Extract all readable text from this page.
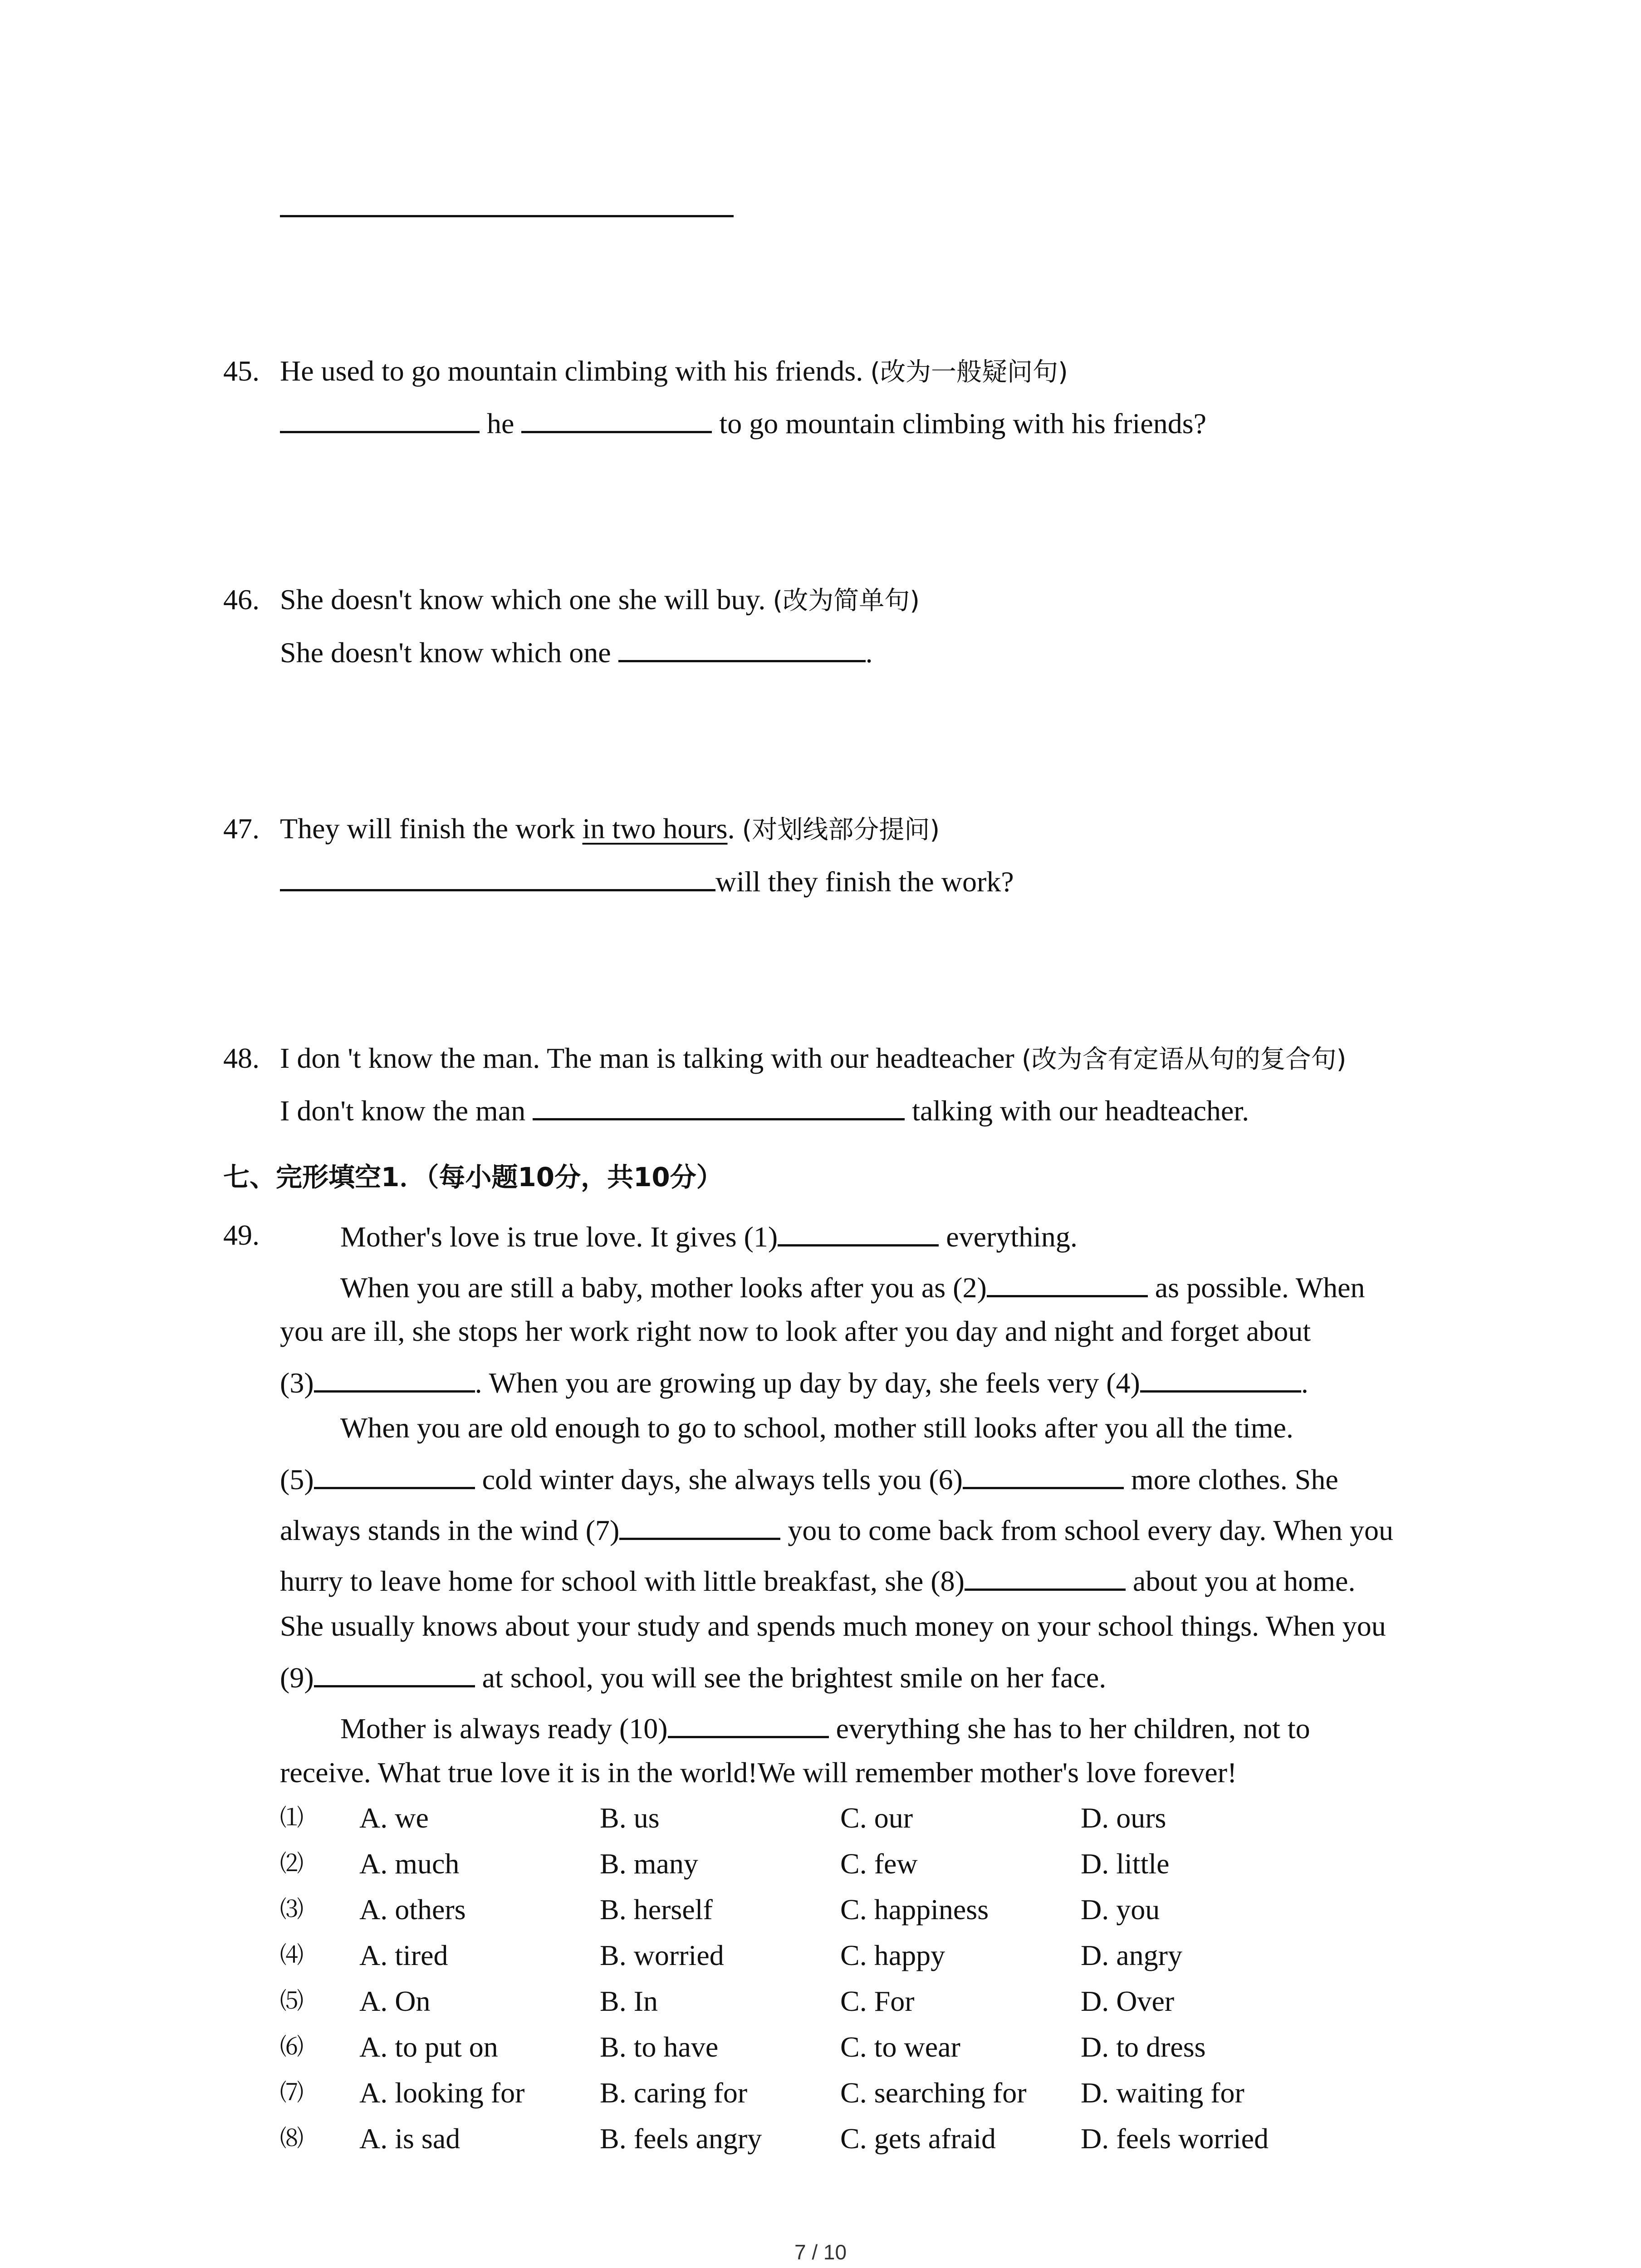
45. He used to go mountain climbing with his friends. (改为一般疑问句)
he	to go mountain climbing with his friends?
46. She doesn't know which one she will buy. (改为简单句)
She doesn't know which one	.
47. They will finish the work in two hours. (对划线部分提问)
will they finish the work?
48. I don 't know the man. The man is talking with our headteacher (改为含有定语从句的复合句)
I don't know the man	talking with our headteacher.
七、完形填空1．（每小题10分，共10分）
49.	Mother's love is true love. It gives (1)	everything.
When you are still a baby, mother looks after you as (2)	as possible. When
you are ill, she stops her work right now to look after you day and night and forget about
(3)	. When you are growing up day by day, she feels very (4)	.
When you are old enough to go to school, mother still looks after you all the time.
(5)	cold winter days, she always tells you (6)	more clothes. She
always stands in the wind (7)	you to come back from school every day. When you
hurry to leave home for school with little breakfast, she (8)	about you at home.
She usually knows about your study and spends much money on your school things. When you
(9)	at school, you will see the brightest smile on her face.
Mother is always ready (10)	everything she has to her children, not to
receive. What true love it is in the world!We will remember mother's love forever!
⑴ A. we	B. us	C. our	D. ours
⑵ A. much	B. many	C. few	D. little
⑶ A. others	B. herself	C. happiness	D. you
⑷ A. tired	B. worried	C. happy	D. angry
⑸ A. On	B. In	C. For	D. Over
⑹ A. to put on	B. to have	C. to wear	D. to dress
⑺ A. looking for	B. caring for	C. searching for D. waiting for
⑻ A. is sad	B. feels angry	C. gets afraid	D. feels worried
7 / 10
